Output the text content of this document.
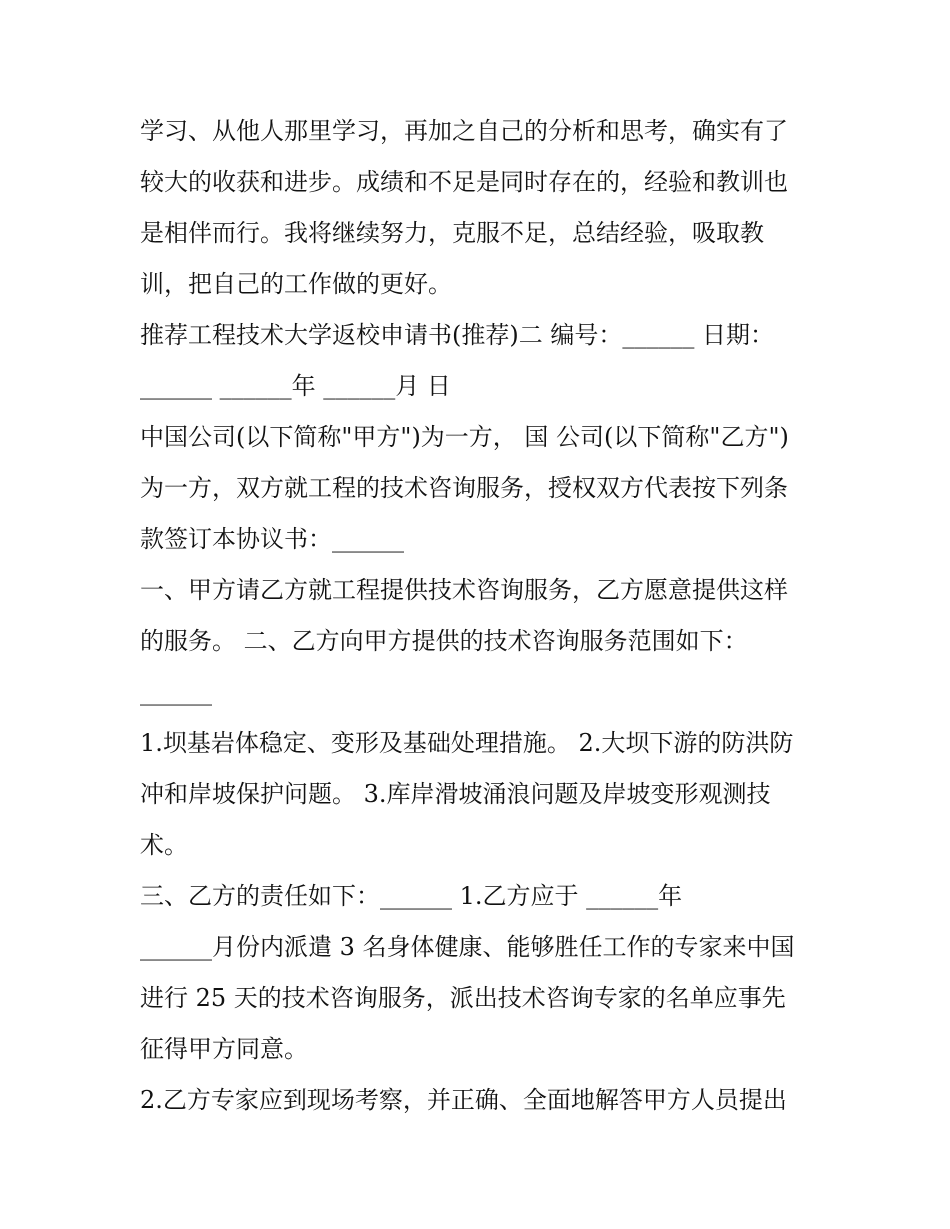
学习、从他人那里学习，再加之自己的分析和思考，确实有了
较大的收获和进步。成绩和不足是同时存在的，经验和教训也
是相伴而行。我将继续努力，克服不足，总结经验，吸取教
训，把自己的工作做的更好。
推荐工程技术大学返校申请书(推荐)二 编号：______ 日期：
______ ______年 ______月 日
中国公司(以下简称"甲方")为一方， 国 公司(以下简称"乙方")
为一方，双方就工程的技术咨询服务，授权双方代表按下列条
款签订本协议书：______
一、甲方请乙方就工程提供技术咨询服务，乙方愿意提供这样
的服务。 二、乙方向甲方提供的技术咨询服务范围如下：
______
1.坝基岩体稳定、变形及基础处理措施。 2.大坝下游的防洪防
冲和岸坡保护问题。 3.库岸滑坡涌浪问题及岸坡变形观测技
术。
三、乙方的责任如下：______ 1.乙方应于 ______年
______月份内派遣 3 名身体健康、能够胜任工作的专家来中国
进行 25 天的技术咨询服务，派出技术咨询专家的名单应事先
征得甲方同意。
2.乙方专家应到现场考察，并正确、全面地解答甲方人员提出
